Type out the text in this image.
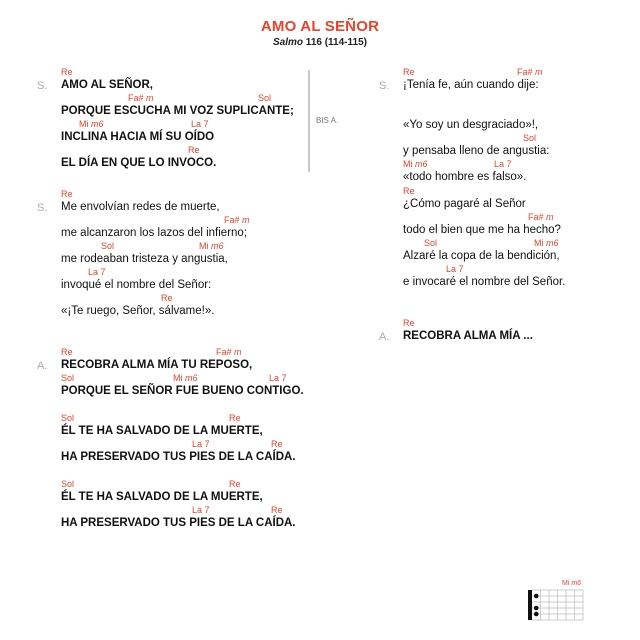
AMO AL SEÑOR
Salmo 116 (114-115)
BIS A.
S.
Re
AMO AL SEÑOR,
Fa# m	Sol
PORQUE ESCUCHA MI VOZ SUPLICANTE;
Mi m6	La 7
INCLINA HACIA MÍ SU OÍDO
Re
EL DÍA EN QUE LO INVOCO.
S.
Re
Me envolvían redes de muerte,
Fa# m
me alcanzaron los lazos del infierno;
Sol	Mi m6
me rodeaban tristeza y angustia,
La 7
invoqué el nombre del Señor:
Re
«¡Te ruego, Señor, sálvame!».
A.
Re	Fa# m
RECOBRA ALMA MÍA TU REPOSO,
Sol	Mi m6	La 7
PORQUE EL SEÑOR FUE BUENO CONTIGO.
Sol	Re
ÉL TE HA SALVADO DE LA MUERTE,
La 7	Re
HA PRESERVADO TUS PIES DE LA CAÍDA.
Sol	Re
ÉL TE HA SALVADO DE LA MUERTE,
La 7	Re
HA PRESERVADO TUS PIES DE LA CAÍDA.
S.
Re	Fa# m
¡Tenía fe, aún cuando dije:
«Yo soy un desgraciado»!,
Sol
y pensaba lleno de angustia:
Mi m6	La 7
«todo hombre es falso».
Re
¿Cómo pagaré al Señor
Fa# m
todo el bien que me ha hecho?
Sol	Mi m6
Alzaré la copa de la bendición,
La 7
e invocaré el nombre del Señor.
A.
Re
RECOBRA ALMA MÍA ...
Mi m6
